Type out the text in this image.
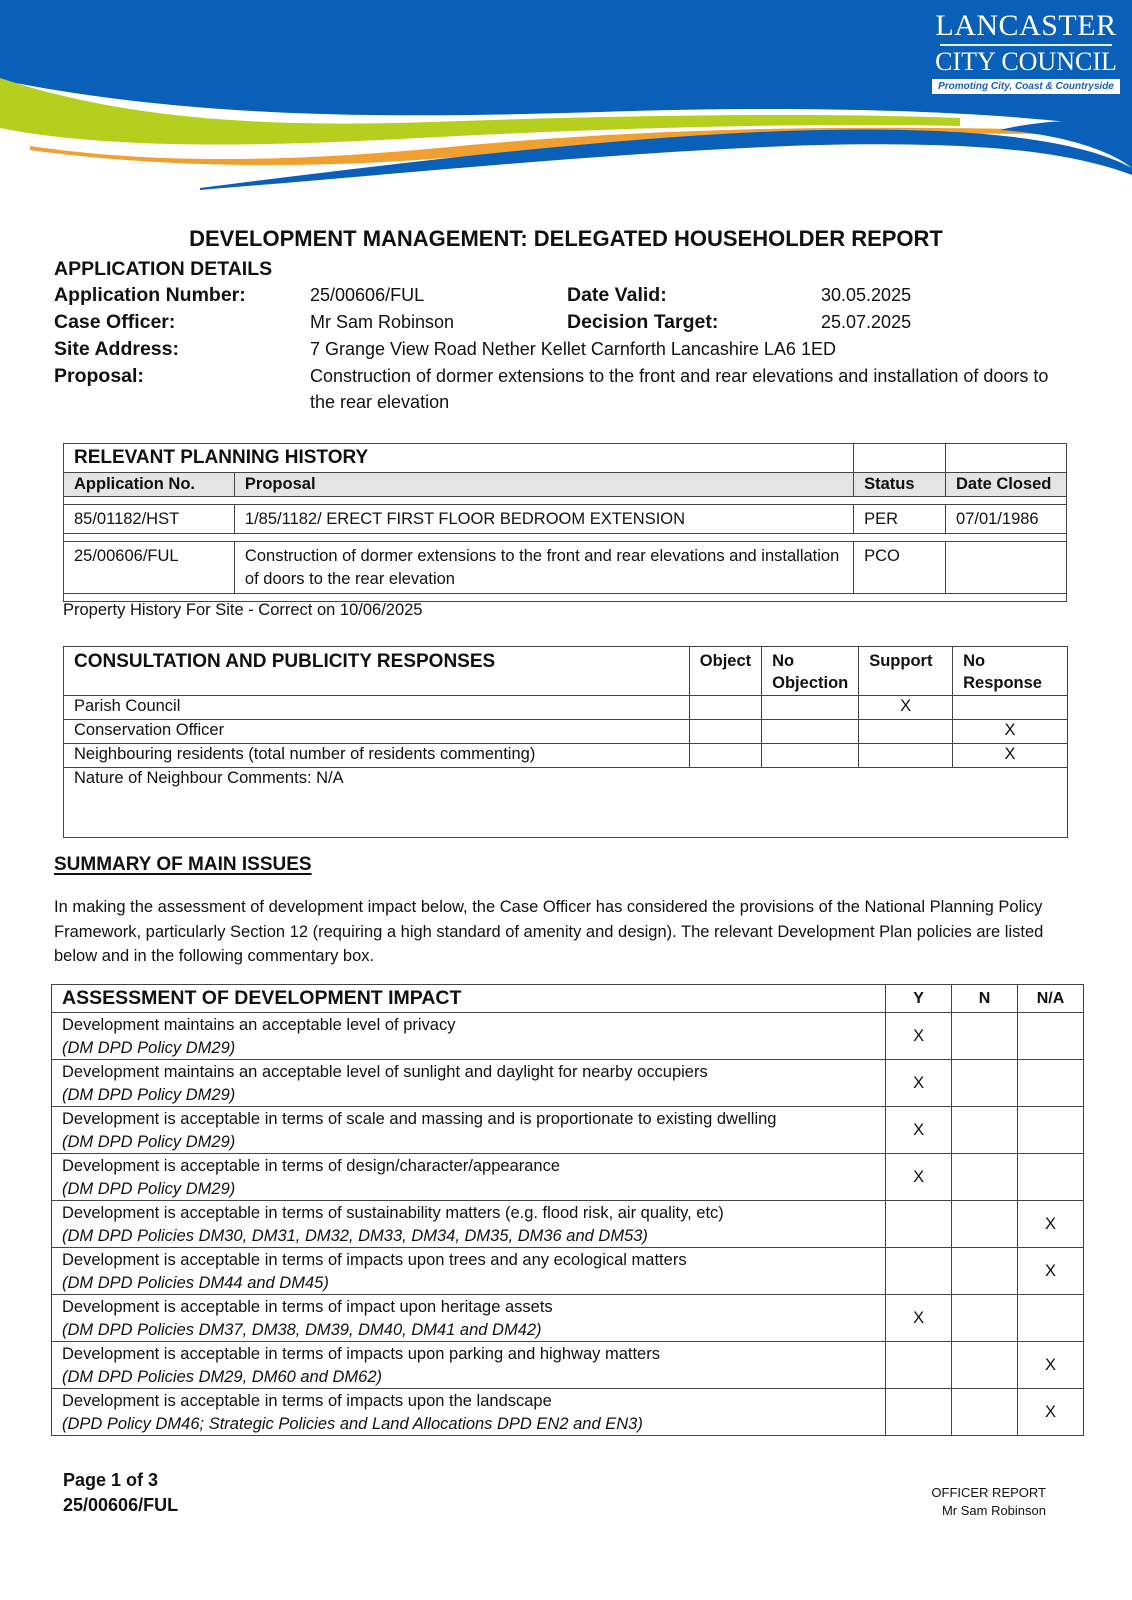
LANCASTER
CITY COUNCIL
Promoting City, Coast & Countryside
DEVELOPMENT MANAGEMENT: DELEGATED HOUSEHOLDER REPORT
APPLICATION DETAILS
Application Number:	25/00606/FUL	Date Valid:	30.05.2025
Case Officer:	Mr Sam Robinson	Decision Target:	25.07.2025
Site Address:	7 Grange View Road Nether Kellet Carnforth Lancashire LA6 1ED
Proposal:	Construction of dormer extensions to the front and rear elevations and installation of doors to the rear elevation
RELEVANT PLANNING HISTORY			
Application No.	Proposal	Status	Date Closed

85/01182/HST	1/85/1182/ ERECT FIRST FLOOR BEDROOM EXTENSION	PER	07/01/1986

25/00606/FUL	Construction of dormer extensions to the front and rear elevations and installation of doors to the rear elevation	PCO	

Property History For Site - Correct on 10/06/2025
CONSULTATION AND PUBLICITY RESPONSES	Object	No Objection	Support	No Response
Parish Council			X	
Conservation Officer				X
Neighbouring residents (total number of residents commenting)				X
Nature of Neighbour Comments: N/A				
SUMMARY OF MAIN ISSUES
In making the assessment of development impact below, the Case Officer has considered the provisions of the National Planning Policy Framework, particularly Section 12 (requiring a high standard of amenity and design). The relevant Development Plan policies are listed below and in the following commentary box.
ASSESSMENT OF DEVELOPMENT IMPACT	Y	N	N/A
Development maintains an acceptable level of privacy
(DM DPD Policy DM29)	X		
Development maintains an acceptable level of sunlight and daylight for nearby occupiers
(DM DPD Policy DM29)	X		
Development is acceptable in terms of scale and massing and is proportionate to existing dwelling
(DM DPD Policy DM29)	X		
Development is acceptable in terms of design/character/appearance
(DM DPD Policy DM29)	X		
Development is acceptable in terms of sustainability matters (e.g. flood risk, air quality, etc)
(DM DPD Policies DM30, DM31, DM32, DM33, DM34, DM35, DM36 and DM53)			X
Development is acceptable in terms of impacts upon trees and any ecological matters
(DM DPD Policies DM44 and DM45)			X
Development is acceptable in terms of impact upon heritage assets
(DM DPD Policies DM37, DM38, DM39, DM40, DM41 and DM42)	X		
Development is acceptable in terms of impacts upon parking and highway matters
(DM DPD Policies DM29, DM60 and DM62)			X
Development is acceptable in terms of impacts upon the landscape
(DPD Policy DM46; Strategic Policies and Land Allocations DPD EN2 and EN3)			X
Page 1 of 3
25/00606/FUL
OFFICER REPORT
Mr Sam Robinson
